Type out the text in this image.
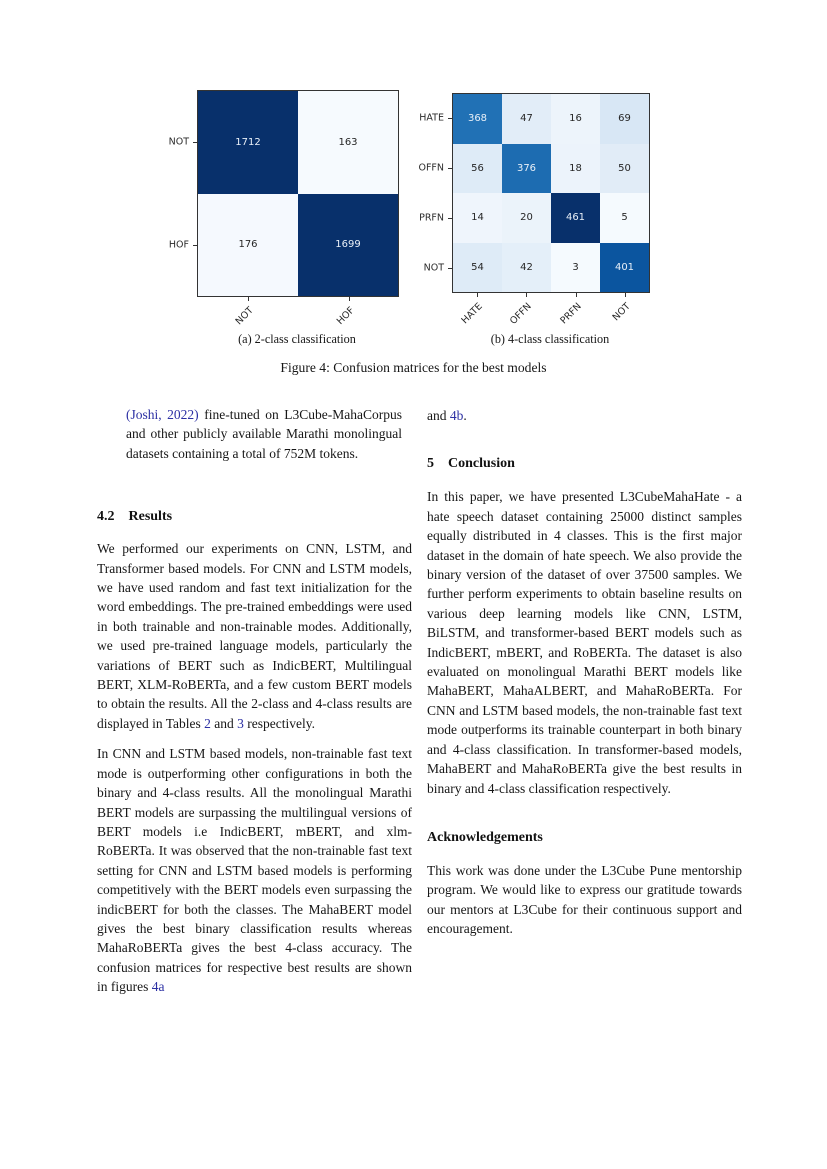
1712	163
176	1699
NOT
HOF
NOT	HOF
368	47	16	69
56	376	18	50
14	20	461	5
54	42	3	401
HATE
OFFN
PRFN
NOT
HATE	OFFN	PRFN	NOT
(a) 2-class classification	(b) 4-class classification
Figure 4: Confusion matrices for the best models

(Joshi, 2022) fine-tuned on L3Cube-MahaCorpus and other publicly available Marathi monolingual datasets containing a total of 752M tokens.

4.2 Results

We performed our experiments on CNN, LSTM, and Transformer based models. For CNN and LSTM models, we have used random and fast text initialization for the word embeddings. The pre-trained embeddings were used in both trainable and non-trainable modes. Additionally, we used pre-trained language models, particularly the variations of BERT such as IndicBERT, Multilingual BERT, XLM-RoBERTa, and a few custom BERT models to obtain the results. All the 2-class and 4-class results are displayed in Tables 2 and 3 respectively.

In CNN and LSTM based models, non-trainable fast text mode is outperforming other configurations in both the binary and 4-class results. All the monolingual Marathi BERT models are surpassing the multilingual versions of BERT models i.e IndicBERT, mBERT, and xlm-RoBERTa. It was observed that the non-trainable fast text setting for CNN and LSTM based models is performing competitively with the BERT models even surpassing the indicBERT for both the classes. The MahaBERT model gives the best binary classification results whereas MahaRoBERTa gives the best 4-class accuracy. The confusion matrices for respective best results are shown in figures 4a

and 4b.

5 Conclusion

In this paper, we have presented L3CubeMahaHate - a hate speech dataset containing 25000 distinct samples equally distributed in 4 classes. This is the first major dataset in the domain of hate speech. We also provide the binary version of the dataset of over 37500 samples. We further perform experiments to obtain baseline results on various deep learning models like CNN, LSTM, BiLSTM, and transformer-based BERT models such as IndicBERT, mBERT, and RoBERTa. The dataset is also evaluated on monolingual Marathi BERT models like MahaBERT, MahaALBERT, and MahaRoBERTa. For CNN and LSTM based models, the non-trainable fast text mode outperforms its trainable counterpart in both binary and 4-class classification. In transformer-based models, MahaBERT and MahaRoBERTa give the best results in binary and 4-class classification respectively.

Acknowledgements

This work was done under the L3Cube Pune mentorship program. We would like to express our gratitude towards our mentors at L3Cube for their continuous support and encouragement.
